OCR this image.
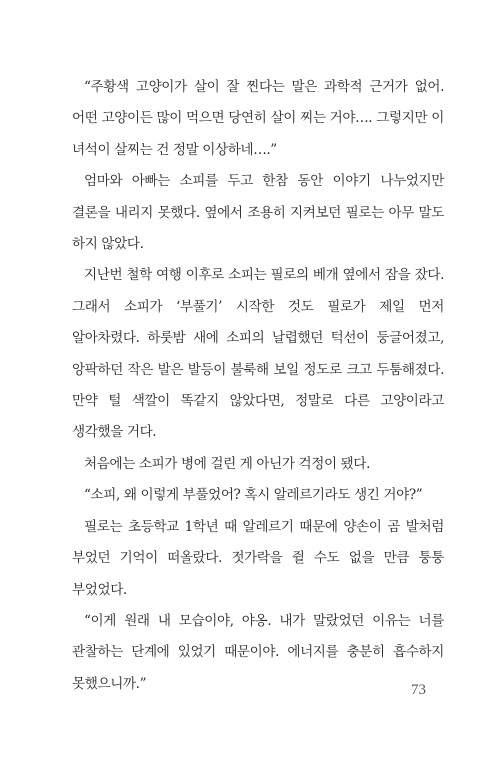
“주황색 고양이가 살이 잘 찐다는 말은 과학적 근거가 없어. 어떤 고양이든 많이 먹으면 당연히 살이 찌는 거야…. 그렇지만 이 녀석이 살찌는 건 정말 이상하네….”

엄마와 아빠는 소피를 두고 한참 동안 이야기 나누었지만 결론을 내리지 못했다. 옆에서 조용히 지켜보던 필로는 아무 말도 하지 않았다.

지난번 철학 여행 이후로 소피는 필로의 베개 옆에서 잠을 잤다. 그래서 소피가 ‘부풀기’ 시작한 것도 필로가 제일 먼저 알아차렸다. 하룻밤 새에 소피의 날렵했던 턱선이 둥글어졌고, 앙팍하던 작은 발은 발등이 불룩해 보일 정도로 크고 두툼해졌다. 만약 털 색깔이 똑같지 않았다면, 정말로 다른 고양이라고 생각했을 거다.

처음에는 소피가 병에 걸린 게 아닌가 걱정이 됐다.

“소피, 왜 이렇게 부풀었어? 혹시 알레르기라도 생긴 거야?”

필로는 초등학교 1학년 때 알레르기 때문에 양손이 곰 발처럼 부었던 기억이 떠올랐다. 젓가락을 쥘 수도 없을 만큼 퉁퉁 부었었다.

“이게 원래 내 모습이야, 야옹. 내가 말랐었던 이유는 너를 관찰하는 단계에 있었기 때문이야. 에너지를 충분히 흡수하지 못했으니까.”	73
